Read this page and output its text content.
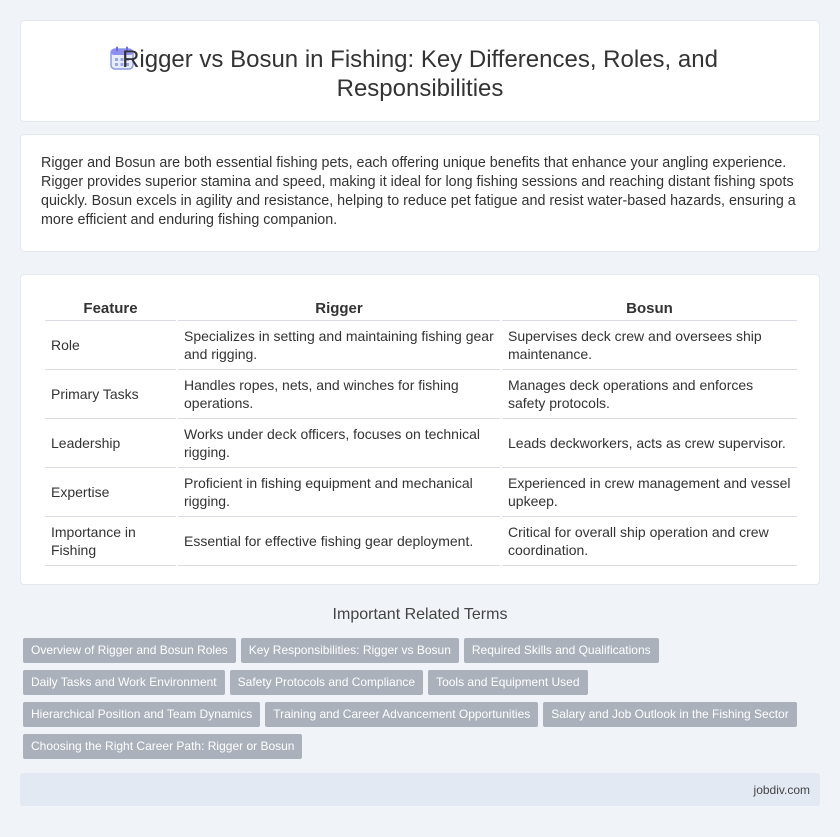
Rigger vs Bosun in Fishing: Key Differences, Roles, and Responsibilities

Rigger and Bosun are both essential fishing pets, each offering unique benefits that enhance your angling experience. Rigger provides superior stamina and speed, making it ideal for long fishing sessions and reaching distant fishing spots quickly. Bosun excels in agility and resistance, helping to reduce pet fatigue and resist water-based hazards, ensuring a more efficient and enduring fishing companion.

Feature	Rigger	Bosun
Role	Specializes in setting and maintaining fishing gear and rigging.	Supervises deck crew and oversees ship maintenance.
Primary Tasks	Handles ropes, nets, and winches for fishing operations.	Manages deck operations and enforces safety protocols.
Leadership	Works under deck officers, focuses on technical rigging.	Leads deckworkers, acts as crew supervisor.
Expertise	Proficient in fishing equipment and mechanical rigging.	Experienced in crew management and vessel upkeep.
Importance in Fishing	Essential for effective fishing gear deployment.	Critical for overall ship operation and crew coordination.
Important Related Terms
Overview of Rigger and Bosun Roles Key Responsibilities: Rigger vs Bosun Required Skills and Qualifications
Daily Tasks and Work Environment Safety Protocols and Compliance Tools and Equipment Used
Hierarchical Position and Team Dynamics Training and Career Advancement Opportunities Salary and Job Outlook in the Fishing Sector
Choosing the Right Career Path: Rigger or Bosun
jobdiv.com
